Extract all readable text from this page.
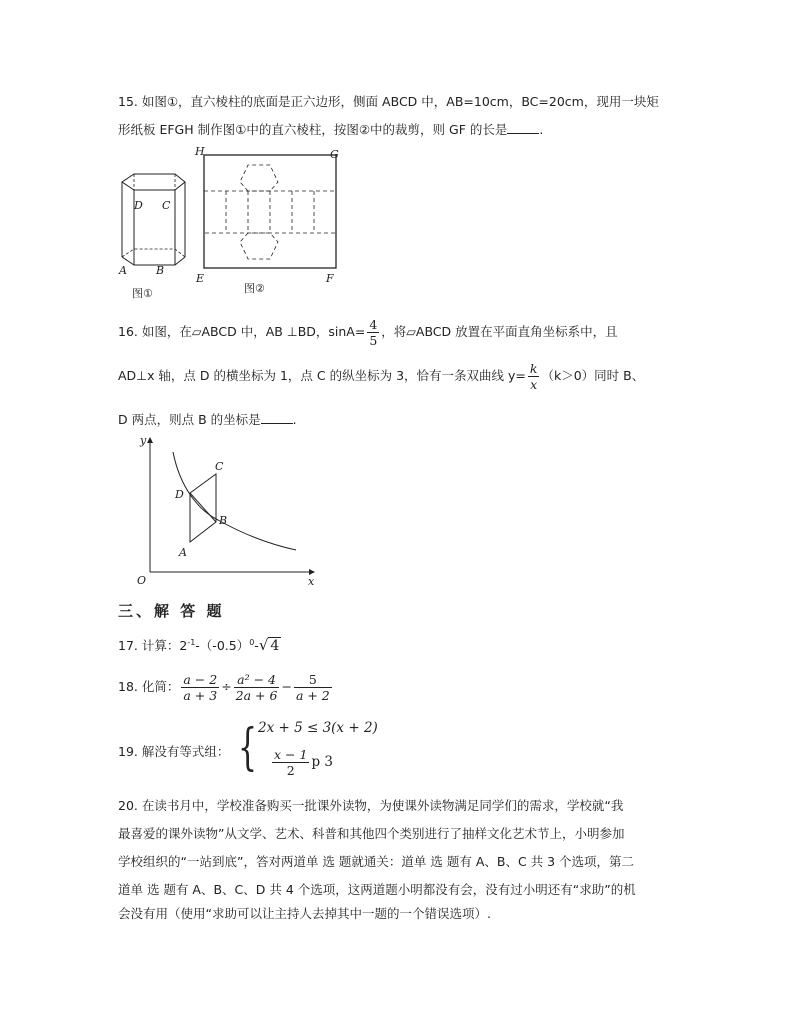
15. 如图①，直六棱柱的底面是正六边形，侧面 ABCD 中，AB=10cm，BC=20cm，现用一块矩
形纸板 EFGH 制作图①中的直六棱柱，按图②中的裁剪，则 GF 的长是	.
D C
A	B
图①
H	G
E	F
图②
16. 如图，在▱ABCD 中，AB ⊥BD，$\sin A= \frac{4}{5}$ ，将▱ABCD 放置在平面直角坐标系中，且
AD⊥x 轴，点 D 的横坐标为 1，点 C 的纵坐标为 3，恰有一条双曲线 $y= \frac{k}{x} (k>0)$同时 B、
D 两点，则点 B 的坐标是	.
y
x
O
A
B
C
D
三、解 答 题
17. 计算：$2^{-1}-(-0.5)^0-√$ 4
18. 化简： $\frac{a - 2}{a + 3} \div \frac{\text{a² − 4}}{2a + 6} - \frac{5}{a + 2}$
19. 解没有等式组： { 2x + 5 ≤ 3(x + 2)
$\frac{x - 1}{2}$ p 3
20. 在读书月中，学校准备购买一批课外读物，为使课外读物满足同学们的需求，学校就“我
最喜爱的课外读物”从文学、艺术、科普和其他四个类别进行了抽样文化艺术节上，小明参加
学校组织的“一站到底”，答对两道单 选 题就通关：道单 选 题有 A、B、C 共 3 个选项，第二
道单 选 题有 A、B、C、D 共 4 个选项，这两道题小明都没有会，没有过小明还有“求助”的机
会没有用（使用“求助可以让主持人去掉其中一题的一个错误选项）.
